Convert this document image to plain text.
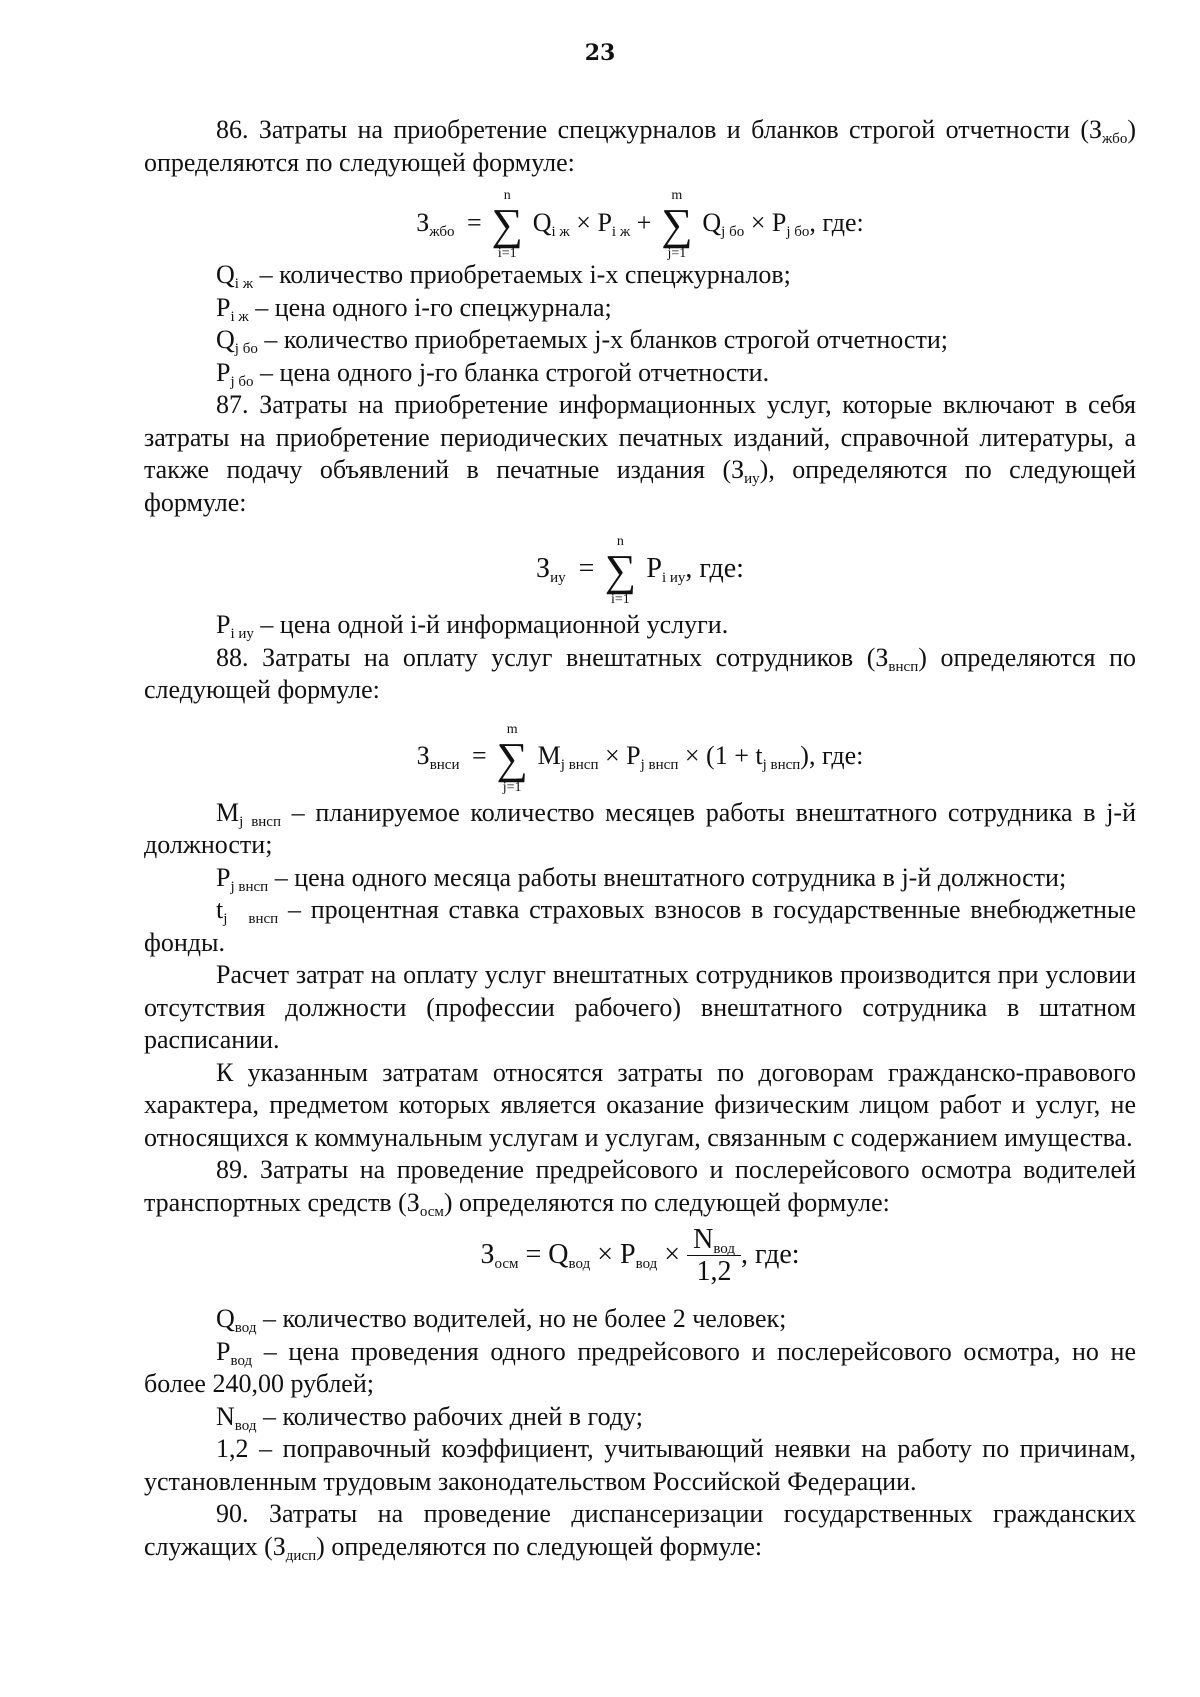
23

86. Затраты на приобретение спецжурналов и бланков строгой отчетности $(З_{жбо})$ определяются по следующей формуле:

$З_{жбо}$ =
n
∑
i=1
$Q_{i ж} \times P_{i ж}$ +
m
∑
j=1
$Q_{j бо} \times P_{j бо}$, где:

$Q_{i ж}$ – количество приобретаемых i-х спецжурналов;

$P_{i ж}$ – цена одного i-го спецжурнала;

$Q_{j бо}$ – количество приобретаемых j-х бланков строгой отчетности;

$P_{j бо}$ – цена одного j-го бланка строгой отчетности.

87. Затраты на приобретение информационных услуг, которые включают в себя затраты на приобретение периодических печатных изданий, справочной литературы, а также подачу объявлений в печатные издания $(З_{иу})$, определяются по следующей формуле:

$З_{иу}$ =
n
∑
i=1
$P_{i иу}$, где:

$P_{i иу}$ – цена одной i-й информационной услуги.

88. Затраты на оплату услуг внештатных сотрудников $(З_{внсп})$ определяются по следующей формуле:

$З_{внси}$ =
m
∑
j=1
$M_{j внсп} \times P_{j внсп} \times (1 + t_{j внсп})$, где:

$M_{j внсп}$ – планируемое количество месяцев работы внештатного сотрудника в j-й должности;

$P_{j внсп}$ – цена одного месяца работы внештатного сотрудника в j-й должности;

$t_{j внсп}$ – процентная ставка страховых взносов в государственные внебюджетные фонды.

Расчет затрат на оплату услуг внештатных сотрудников производится при условии отсутствия должности (профессии рабочего) внештатного сотрудника в штатном расписании.

К указанным затратам относятся затраты по договорам гражданско-правового характера, предметом которых является оказание физическим лицом работ и услуг, не относящихся к коммунальным услугам и услугам, связанным с содержанием имущества.

89. Затраты на проведение предрейсового и послерейсового осмотра водителей транспортных средств $(З_{осм})$ определяются по следующей формуле:

$З_{осм} = Q_{вод} \times P_{вод} \times \frac{N_{вод}}{1,2}$ , где:

$Q_{вод}$ – количество водителей, но не более 2 человек;

$P_{вод}$ – цена проведения одного предрейсового и послерейсового осмотра, но не более 240,00 рублей;

$N_{вод}$ – количество рабочих дней в году;

1,2 – поправочный коэффициент, учитывающий неявки на работу по причинам, установленным трудовым законодательством Российской Федерации.

90. Затраты на проведение диспансеризации государственных гражданских служащих $(З_{дисп})$ определяются по следующей формуле:
